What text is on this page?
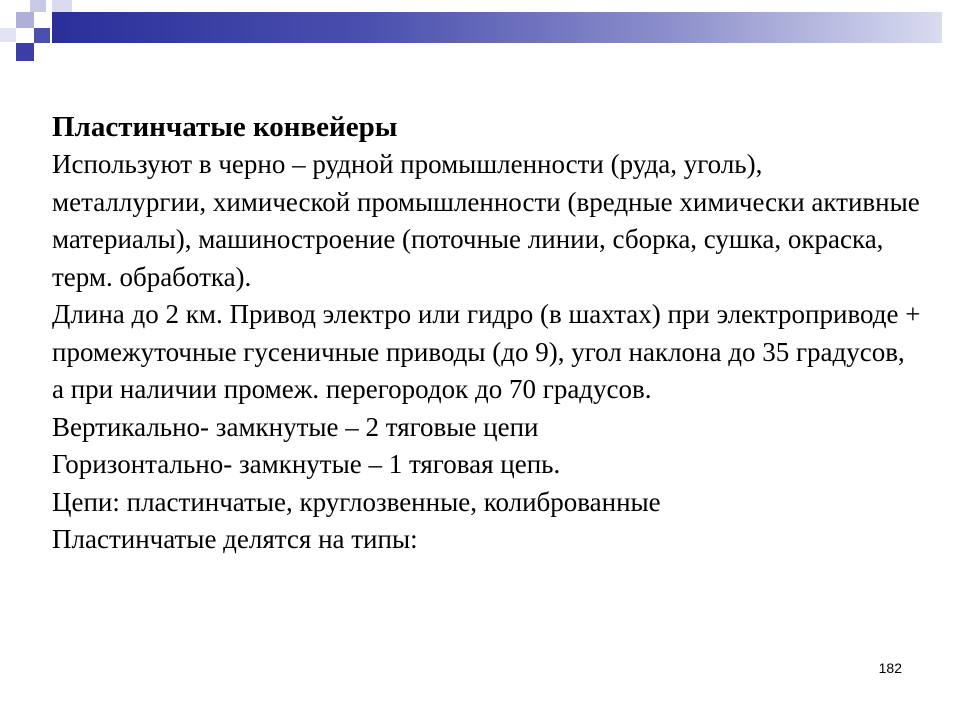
Пластинчатые конвейеры

Используют в черно – рудной промышленности (руда, уголь), металлургии, химической промышленности (вредные химически активные материалы), машиностроение (поточные линии, сборка, сушка, окраска, терм. обработка).

Длина до 2 км. Привод электро или гидро (в шахтах) при электроприводе + промежуточные гусеничные приводы (до 9), угол наклона до 35 градусов, а при наличии промеж. перегородок до 70 градусов.

Вертикально- замкнутые – 2 тяговые цепи

Горизонтально- замкнутые – 1 тяговая цепь.

Цепи: пластинчатые, круглозвенные, колиброванные

Пластинчатые делятся на типы:

182
